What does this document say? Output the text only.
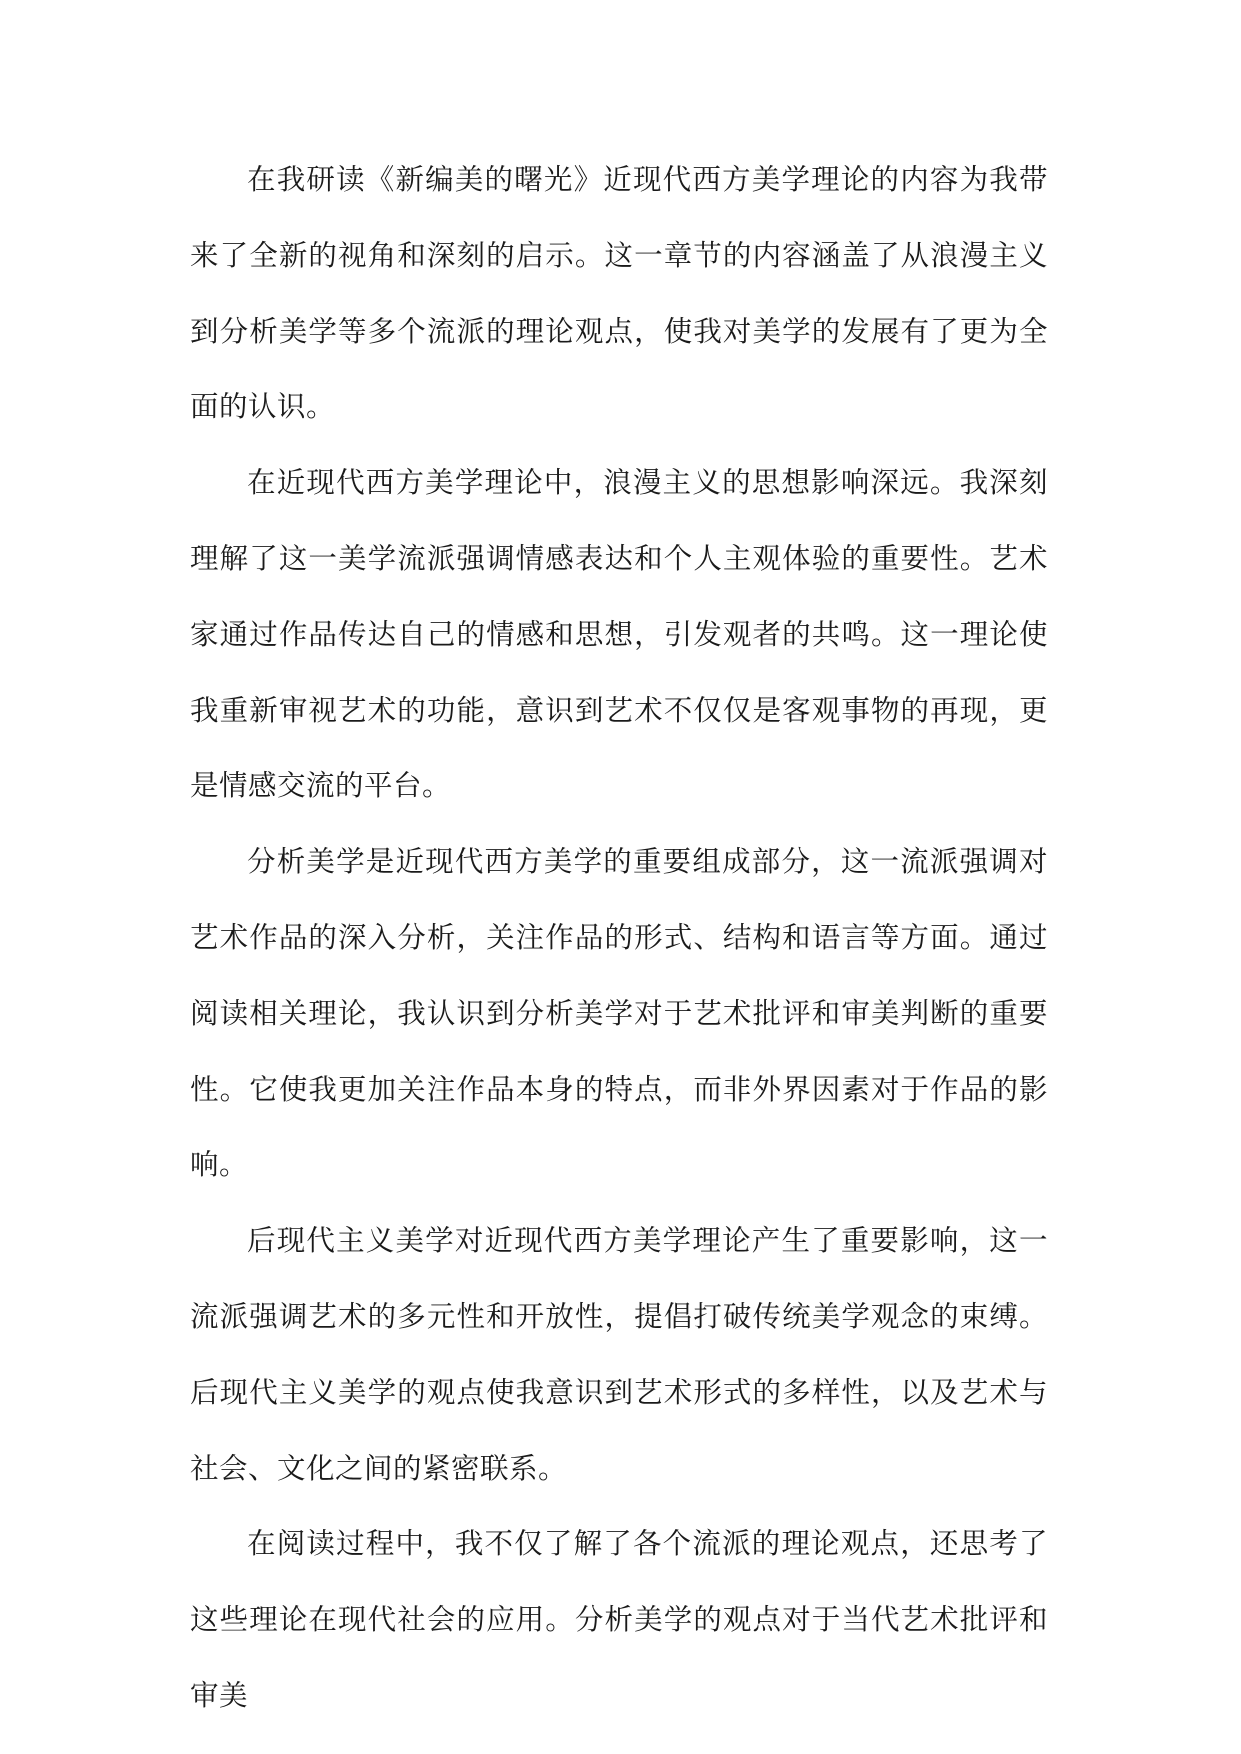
在我研读《新编美的曙光》近现代西方美学理论的内容为我带来了全新的视角和深刻的启示。这一章节的内容涵盖了从浪漫主义到分析美学等多个流派的理论观点，使我对美学的发展有了更为全面的认识。

在近现代西方美学理论中，浪漫主义的思想影响深远。我深刻理解了这一美学流派强调情感表达和个人主观体验的重要性。艺术家通过作品传达自己的情感和思想，引发观者的共鸣。这一理论使我重新审视艺术的功能，意识到艺术不仅仅是客观事物的再现，更是情感交流的平台。

分析美学是近现代西方美学的重要组成部分，这一流派强调对艺术作品的深入分析，关注作品的形式、结构和语言等方面。通过阅读相关理论，我认识到分析美学对于艺术批评和审美判断的重要性。它使我更加关注作品本身的特点，而非外界因素对于作品的影响。

后现代主义美学对近现代西方美学理论产生了重要影响，这一流派强调艺术的多元性和开放性，提倡打破传统美学观念的束缚。后现代主义美学的观点使我意识到艺术形式的多样性，以及艺术与社会、文化之间的紧密联系。

在阅读过程中，我不仅了解了各个流派的理论观点，还思考了这些理论在现代社会的应用。分析美学的观点对于当代艺术批评和审美
